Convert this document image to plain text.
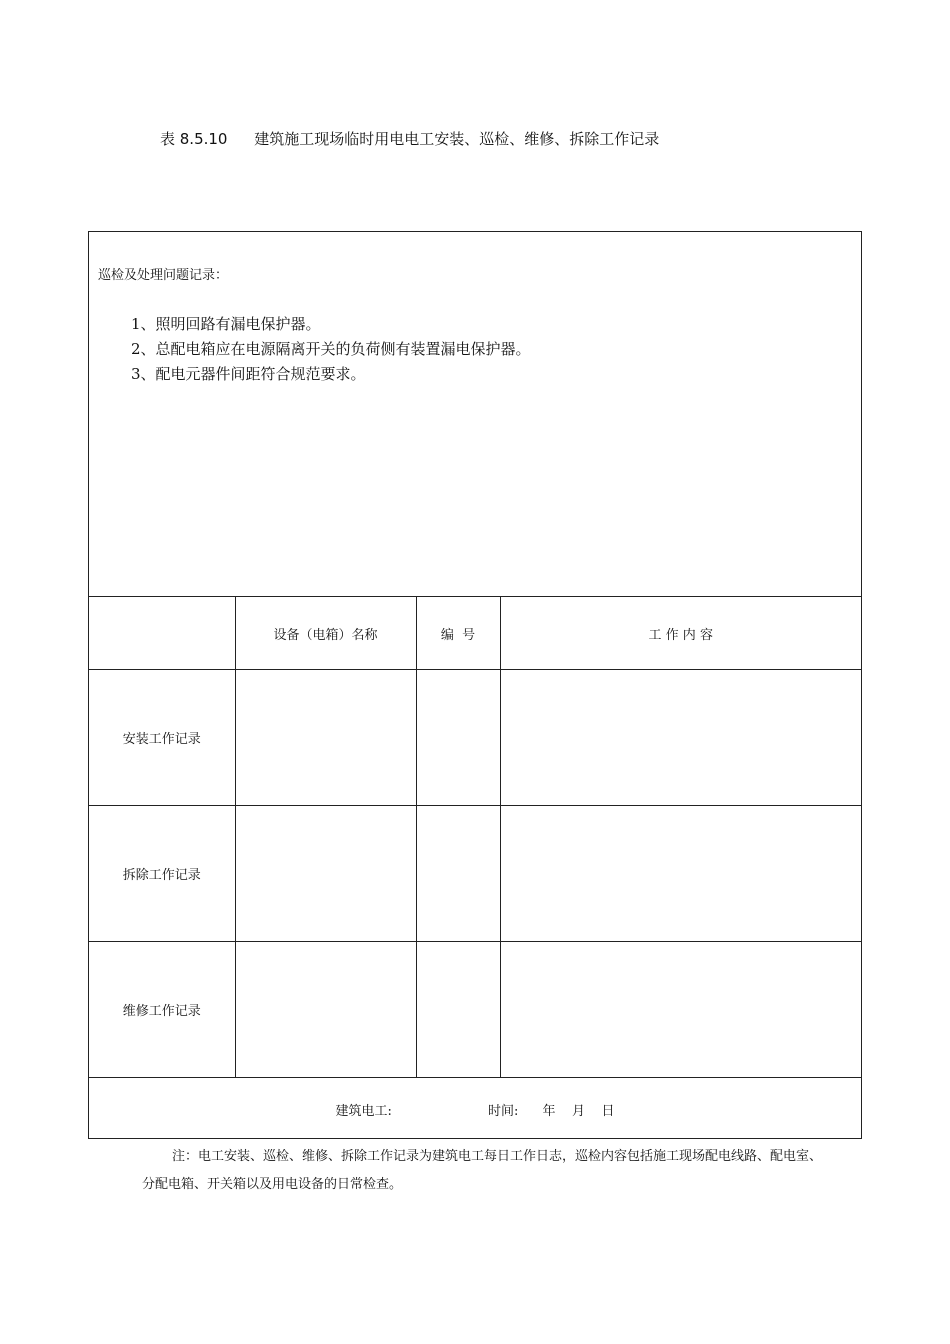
表 8.5.10 建筑施工现场临时用电电工安装、巡检、维修、拆除工作记录
巡检及处理问题记录：
1、照明回路有漏电保护器。
2、总配电箱应在电源隔离开关的负荷侧有装置漏电保护器。
3、配电元器件间距符合规范要求。
	设备（电箱）名称	编  号	工 作 内 容
安装工作记录			
拆除工作记录			
维修工作记录			
建筑电工: 时间: 年    月    日			
注：电工安装、巡检、维修、拆除工作记录为建筑电工每日工作日志，巡检内容包括施工现场配电线路、配电室、分配电箱、开关箱以及用电设备的日常检查。
